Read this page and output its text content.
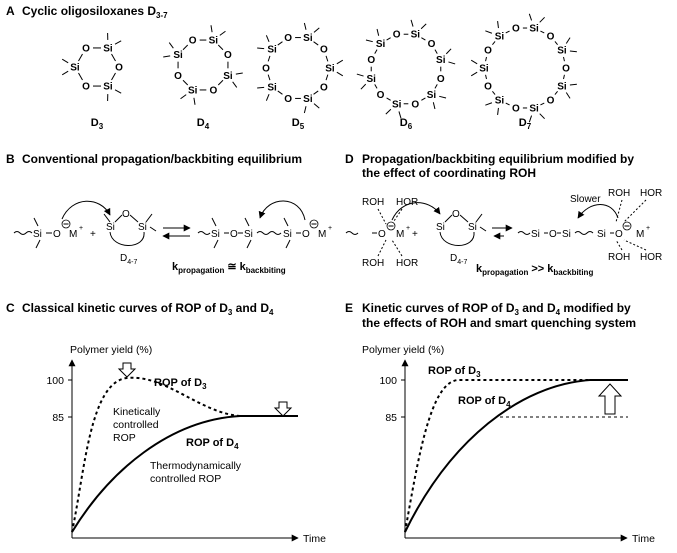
A Cyclic oligosiloxanes $D_{3-7}$
Si
O
Si
O
Si
O
$D_3$
Si
O
Si
O
Si
O
Si
O
$D_4$
Si
O
Si
O
Si
O
Si
O
Si
O
$D_5$
Si
O
Si
O
Si
O
Si
O
Si
O
Si
O
$D_6$
Si
O
Si
O
Si
O
Si
O
Si
O
Si
O
Si
O
$D_7$
B Conventional propagation/backbiting equilibrium
Si O M
+
+
Si
O
Si
$D_{4-7}$
Si O Si	Si O M
+
$k_{propagation}$ ≅ $k_{backbiting}$
D Propagation/backbiting equilibrium modified by
the effect of coordinating ROH
ROH HOR
ROH HOR
O M
+
+
Si
O
Si
$D_{4-7}$
Si O Si	Si O M
+
Slower
ROH HOR
ROH HOR
$k_{propagation} >> k_{backbiting}$
C Classical kinetic curves of ROP of $D_3$ and $D_4$
Polymer yield (%)
100
85
Time
ROP of $D_3$
Kinetically
controlled
ROP	ROP of $D_4$
Thermodynamically
controlled ROP
E Kinetic curves of ROP of $D_3$ and $D_4$ modified by
the effects of ROH and smart quenching system
Polymer yield (%)
100
85
Time
ROP of $D_3$
ROP of $D_4$
